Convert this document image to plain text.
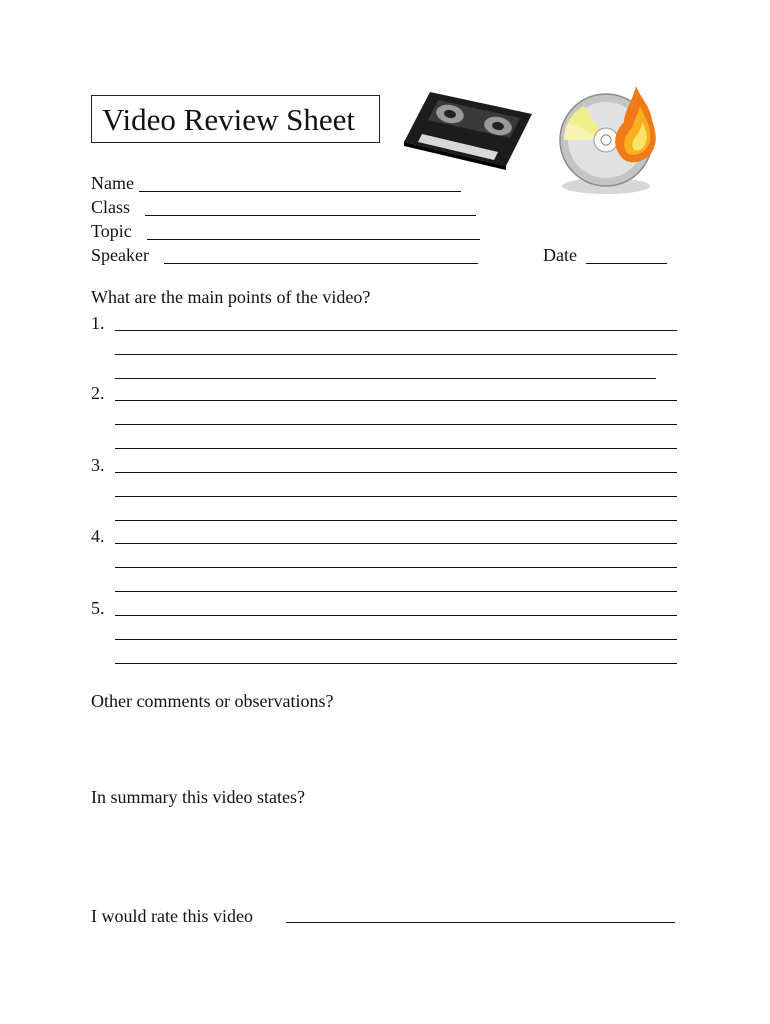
Video Review Sheet
Name
Class
Topic
Speaker	Date
What are the main points of the video?
1.
2.
3.
4.
5.
Other comments or observations?
In summary this video states?
I would rate this video
